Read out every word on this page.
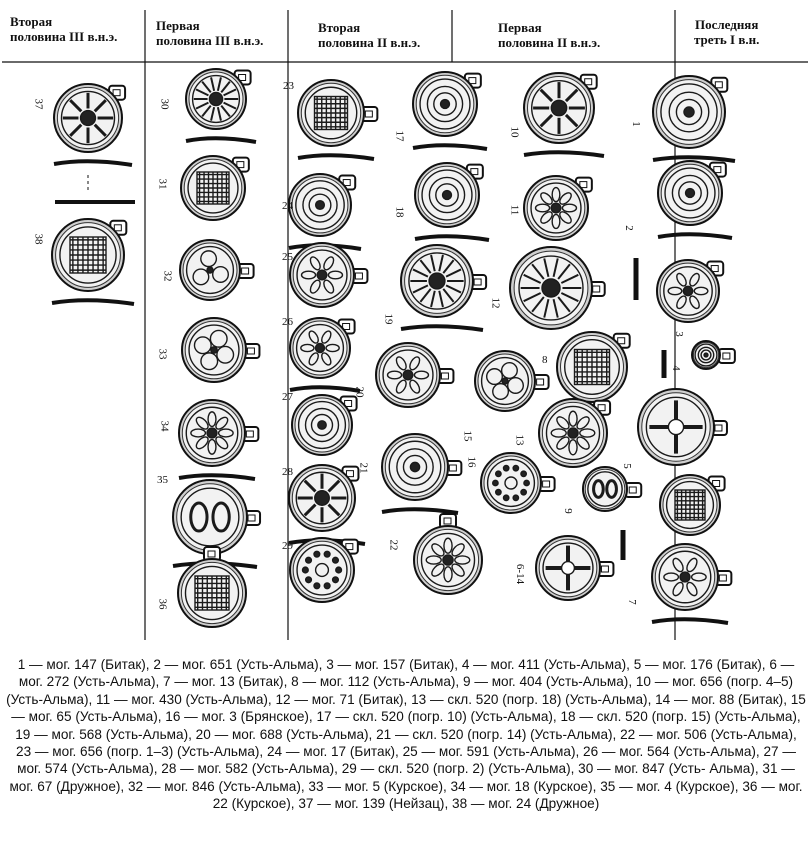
Вторая
половина III в.н.э.
Первая
половина III в.н.э.
Вторая
половина II в.н.э.
Первая
половина II в.н.э.
Последняя
треть I в.н.
1
2
3
4
5
6-14
7
8
9
10
11
12
13
15
16
17
18
19
20
21
22
23
24
25
26
27
28
29
30
31
32
33
34
35
36
37
38
1 — мог. 147 (Битак), 2 — мог. 651 (Усть-Альма), 3 — мог. 157 (Битак), 4 — мог. 411 (Усть-Альма), 5 — мог. 176 (Битак), 6 — мог. 272 (Усть-Альма), 7 — мог. 13 (Битак), 8 — мог. 112 (Усть-Альма), 9 — мог. 404 (Усть-Альма), 10 — мог. 656 (погр. 4–5) (Усть-Альма), 11 — мог. 430 (Усть-Альма), 12 — мог. 71 (Битак), 13 — скл. 520 (погр. 18) (Усть-Альма), 14 — мог. 88 (Битак), 15 — мог. 65 (Усть-Альма), 16 — мог. 3 (Брянское), 17 — скл. 520 (погр. 10) (Усть-Альма), 18 — скл. 520 (погр. 15) (Усть-Альма), 19 — мог. 568 (Усть-Альма), 20 — мог. 688 (Усть-Альма), 21 — скл. 520 (погр. 14) (Усть-Альма), 22 — мог. 506 (Усть-Альма), 23 — мог. 656 (погр. 1–3) (Усть-Альма), 24 — мог. 17 (Битак), 25 — мог. 591 (Усть-Альма), 26 — мог. 564 (Усть-Альма), 27 — мог. 574 (Усть-Альма), 28 — мог. 582 (Усть-Альма), 29 — скл. 520 (погр. 2) (Усть-Альма), 30 — мог. 847 (Усть- Альма), 31 — мог. 67 (Дружное), 32 — мог. 846 (Усть-Альма), 33 — мог. 5 (Курское), 34 — мог. 18 (Курское), 35 — мог. 4 (Курское), 36 — мог. 22 (Курское), 37 — мог. 139 (Нейзац), 38 — мог. 24 (Дружное)
